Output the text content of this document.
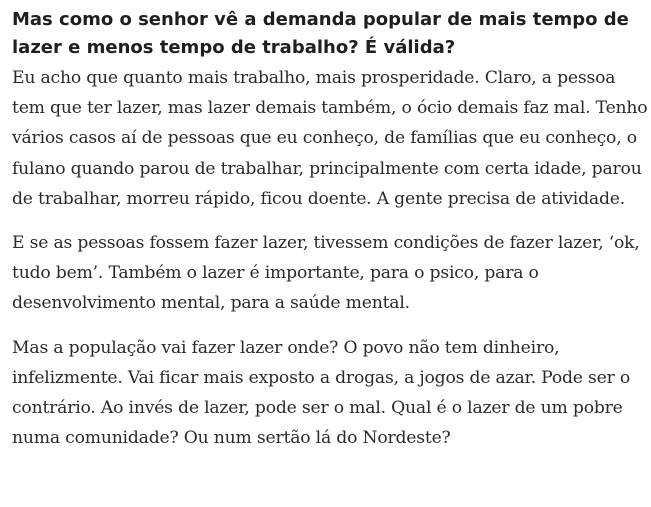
Mas como o senhor vê a demanda popular de mais tempo de lazer e menos tempo de trabalho? É válida?

Eu acho que quanto mais trabalho, mais prosperidade. Claro, a pessoa tem que ter lazer, mas lazer demais também, o ócio demais faz mal. Tenho vários casos aí de pessoas que eu conheço, de famílias que eu conheço, o fulano quando parou de trabalhar, principalmente com certa idade, parou de trabalhar, morreu rápido, ficou doente. A gente precisa de atividade.

E se as pessoas fossem fazer lazer, tivessem condições de fazer lazer, ‘ok, tudo bem’. Também o lazer é importante, para o psico, para o desenvolvimento mental, para a saúde mental.

Mas a população vai fazer lazer onde? O povo não tem dinheiro, infelizmente. Vai ficar mais exposto a drogas, a jogos de azar. Pode ser o contrário. Ao invés de lazer, pode ser o mal. Qual é o lazer de um pobre numa comunidade? Ou num sertão lá do Nordeste?
